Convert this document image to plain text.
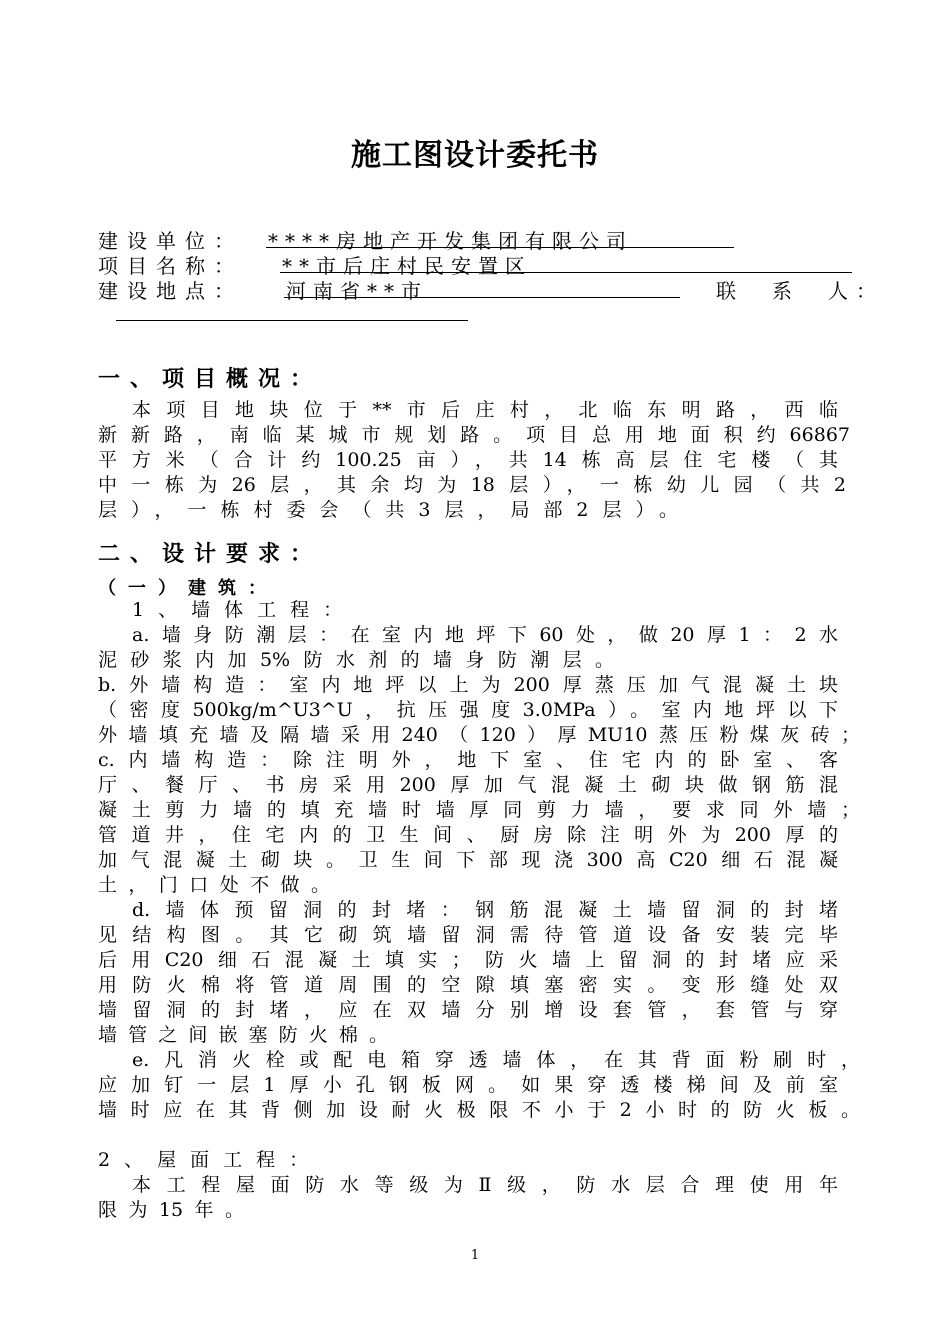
施工图设计委托书
建设单位： ****房地产开发集团有限公司
项目名称： **市后庄村民安置区
建设地点： 河南省**市	联　系　人：
一、项目概况：
本项目地块位于**市后庄村，北临东明路，西临
新新路，南临某城市规划路。项目总用地面积约66867
平方米（合计约100.25亩），共14栋高层住宅楼（其
中一栋为26层，其余均为18层），一栋幼儿园（共2
层），一栋村委会（共3层，局部2层）。
二、设计要求：
（一）建筑：
1、墙体工程：
a.墙身防潮层：在室内地坪下60处，做20厚1：2水
泥砂浆内加5%防水剂的墙身防潮层。
b.外墙构造：室内地坪以上为200厚蒸压加气混凝土块
（密度500kg/m^U3^U，抗压强度3.0MPa）。室内地坪以下
外墙填充墙及隔墙采用240（120）厚MU10蒸压粉煤灰砖；
c.内墙构造：除注明外，地下室、住宅内的卧室、客
厅、餐厅、书房采用200厚加气混凝土砌块做钢筋混
凝土剪力墙的填充墙时墙厚同剪力墙，要求同外墙；
管道井，住宅内的卫生间、厨房除注明外为200厚的
加气混凝土砌块。卫生间下部现浇300高C20细石混凝
土，门口处不做。
d.墙体预留洞的封堵：钢筋混凝土墙留洞的封堵
见结构图。其它砌筑墙留洞需待管道设备安装完毕
后用C20细石混凝土填实；防火墙上留洞的封堵应采
用防火棉将管道周围的空隙填塞密实。变形缝处双
墙留洞的封堵，应在双墙分别增设套管，套管与穿
墙管之间嵌塞防火棉。
e.凡消火栓或配电箱穿透墙体，在其背面粉刷时，
应加钉一层1厚小孔钢板网。如果穿透楼梯间及前室
墙时应在其背侧加设耐火极限不小于2小时的防火板。
2、屋面工程：
本工程屋面防水等级为Ⅱ级，防水层合理使用年
限为15年。
1
